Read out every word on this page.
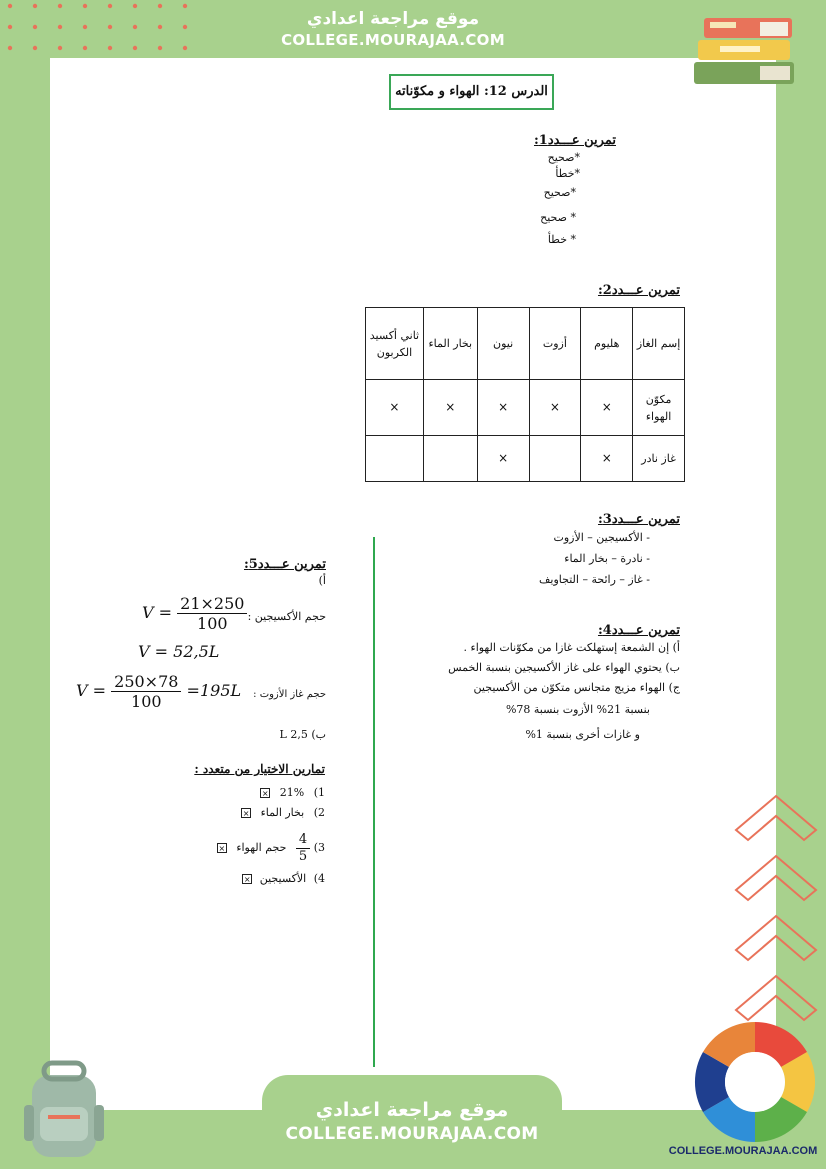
موقع مراجعة اعدادي
COLLEGE.MOURAJAA.COM
الدرس 12: الهواء و مكوّناته
تمرين عـــدد1:
*صحيح
*خطأ
*صحيح
* صحيح
* خطأ
تمرين عـــدد2:
إسم الغاز	هليوم	أزوت	نيون	بخار الماء	ثاني أكسيد الكربون
مكوّن الهواء	×	×	×	×	×
غاز نادر	×		×		
تمرين عـــدد3:
- الأكسيجين – الأزوت
- نادرة – بخار الماء
- غاز – رائحة – التجاويف
تمرين عـــدد4:
أ) إن الشمعة إستهلكت غازا من مكوّنات الهواء .
ب) يحتوي الهواء على غاز الأكسيجين بنسبة الخمس
ج) الهواء مزيج متجانس متكوّن من الأكسيجين
بنسبة 21% الأزوت بنسبة 78%
و غازات أخرى بنسبة 1%
تمرين عـــدد5:
أ)
حجم الأكسيجين :
$V = \frac{21\times 250}{100}$
V = 52,5L
حجم غاز الأزوت :
$V = \frac{250\times 78}{100} =195L$
ب) 2,5 L
تمارين الاختيار من متعدد :
1) 21% ×
2) بخار الماء ×
3)
$\frac{4}{5}$
حجم الهواء ×
4) الأكسيجين ×
موقع مراجعة اعدادي
COLLEGE.MOURAJAA.COM
COLLEGE.MOURAJAA.COM
